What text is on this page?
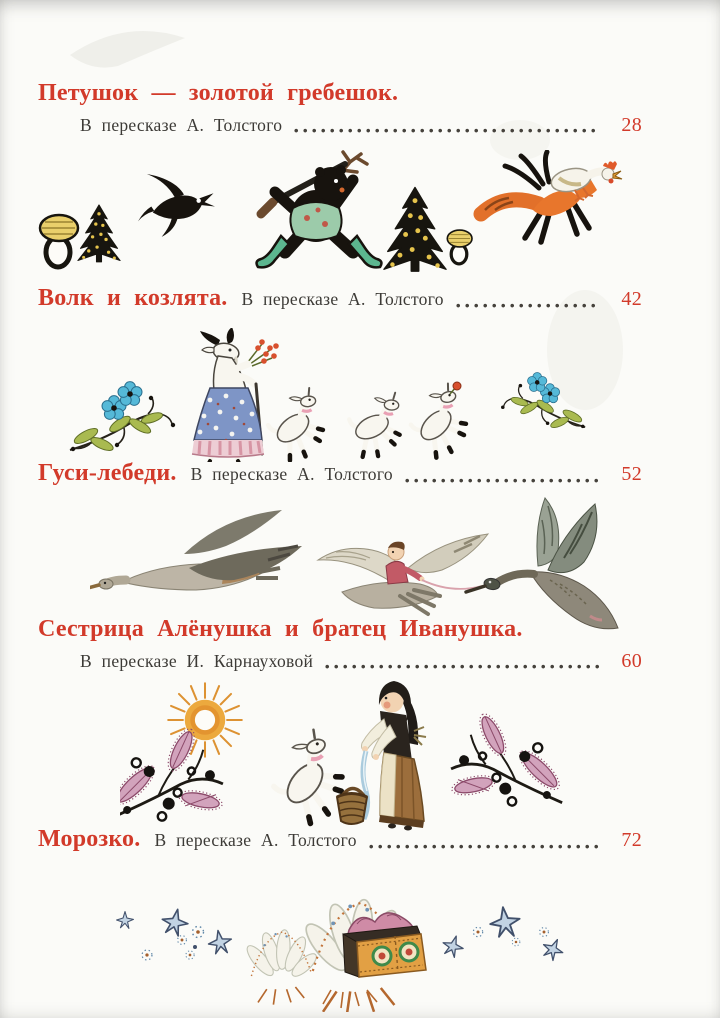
Петушок — золотой гребешок.
В пересказе А. Толстого	28
Волк и козлята. В пересказе А. Толстого	42
Гуси-лебеди. В пересказе А. Толстого	52
Сестрица Алёнушка и братец Иванушка.
В пересказе И. Карнауховой	60
Морозко. В пересказе А. Толстого	72
